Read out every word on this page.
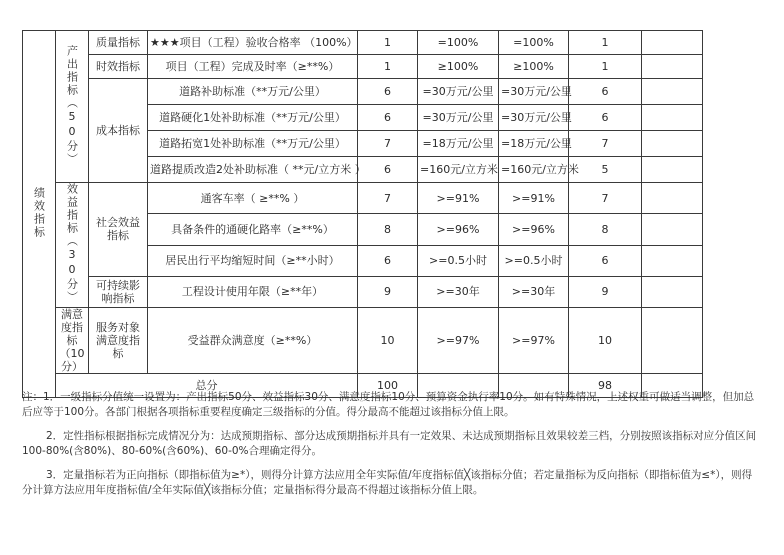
绩效指标	产出指标（50分）	质量指标	★★★项目（工程）验收合格率 （100%）	1	=100%	=100%	1	
		时效指标	项目（工程）完成及时率（≥**%）	1	≥100%	≥100%	1	
		成本指标	道路补助标准（**万元/公里）	6	=30万元/公里	=30万元/公里	6	
			道路硬化1处补助标准（**万元/公里）	6	=30万元/公里	=30万元/公里	6	
			道路拓宽1处补助标准（**万元/公里）	7	=18万元/公里	=18万元/公里	7	
			道路提质改造2处补助标准（ **元/立方米 ）	6	=160元/立方米	=160元/立方米	5	
	效益指标（30分）	社会效益指标	通客车率（ ≥**% ）	7	>=91%	>=91%	7	
			具备条件的通硬化路率（≥**%）	8	>=96%	>=96%	8	
			居民出行平均缩短时间（≥**小时）	6	>=0.5小时	>=0.5小时	6	
		可持续影响指标	工程设计使用年限（≥**年）	9	>=30年	>=30年	9	
	满意度指标（10分）	服务对象满意度指标	受益群众满意度（≥**%）	10	>=97%	>=97%	10	
	总分			100			98	

注：1．一级指标分值统一设置为：产出指标50分、效益指标30分、满意度指标10分、预算资金执行率10分。如有特殊情况，上述权重可做适当调整，但加总后应等于100分。各部门根据各项指标重要程度确定三级指标的分值。得分最高不能超过该指标分值上限。

2．定性指标根据指标完成情况分为：达成预期指标、部分达成预期指标并具有一定效果、未达成预期指标且效果较差三档，分别按照该指标对应分值区间100-80%(含80%)、80-60%(含60%)、60-0%合理确定得分。

3．定量指标若为正向指标（即指标值为≥*），则得分计算方法应用全年实际值/年度指标值╳该指标分值；若定量指标为反向指标（即指标值为≤*），则得分计算方法应用年度指标值/全年实际值╳该指标分值；定量指标得分最高不得超过该指标分值上限。
